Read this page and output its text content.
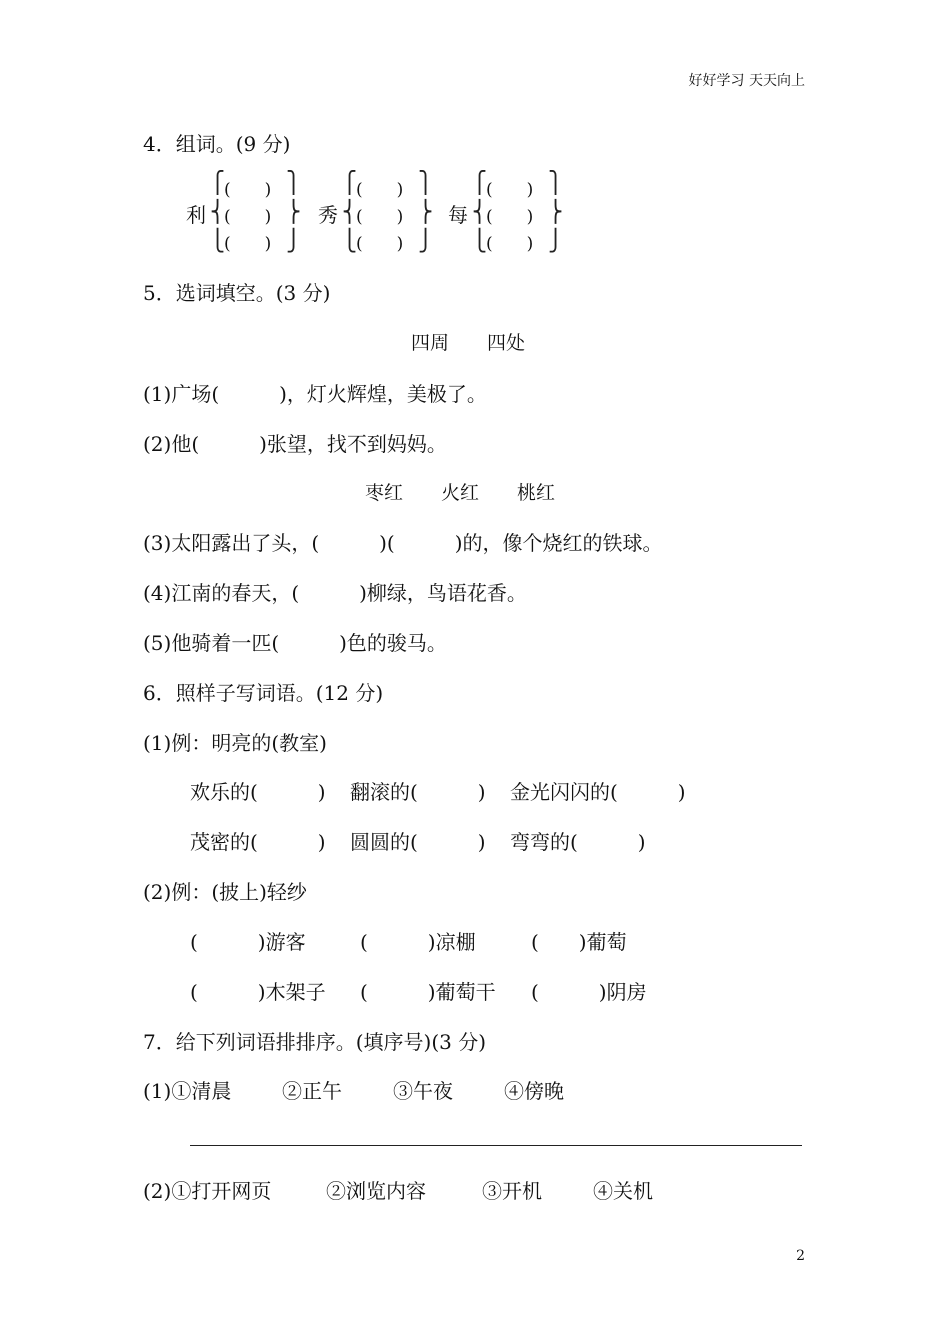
好好学习 天天向上
4．组词。(9 分)
利
⎧
⎨
⎩
(　　)
(　　)
(　　)
⎫
⎬
⎭
秀
⎧
⎨
⎩
(　　)
(　　)
(　　)
⎫
⎬
⎭
每
⎧
⎨
⎩
(　　)
(　　)
(　　)
⎫
⎬
⎭
5．选词填空。(3 分)
四周　　四处
(1)广场(　　　)，灯火辉煌，美极了。
(2)他(　　　)张望，找不到妈妈。
枣红　　火红　　桃红
(3)太阳露出了头，(　　　)(　　　)的，像个烧红的铁球。
(4)江南的春天，(　　　)柳绿，鸟语花香。
(5)他骑着一匹(　　　)色的骏马。
6．照样子写词语。(12 分)
(1)例：明亮的(教室)
欢乐的(　　　) 翻滚的(　　　) 金光闪闪的(　　　)
茂密的(　　　) 圆圆的(　　　) 弯弯的(　　　)
(2)例：(披上)轻纱
(　　　)游客	(　　　)凉棚	(　　)葡萄
(　　　)木架子 (　　　)葡萄干 (　　　)阴房
7．给下列词语排排序。(填序号)(3 分)
(1)①清晨	②正午	③午夜	④傍晚
(2)①打开网页	②浏览内容	③开机	④关机
2
